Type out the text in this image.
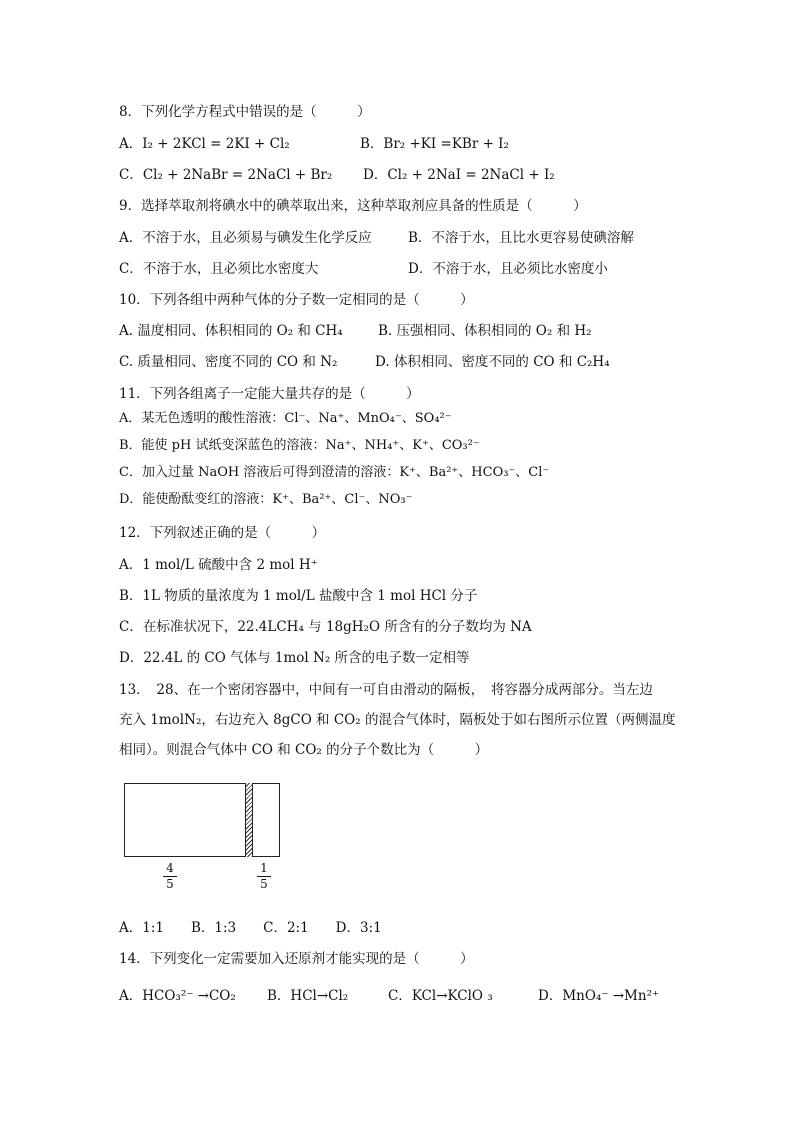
8．下列化学方程式中错误的是（　　　）
A．I₂ + 2KCl = 2KI + Cl₂	B．Br₂ +KI =KBr + I₂
C．Cl₂ + 2NaBr = 2NaCl + Br₂ D．Cl₂ + 2NaI = 2NaCl + I₂
9．选择萃取剂将碘水中的碘萃取出来，这种萃取剂应具备的性质是（　　　）
A．不溶于水，且必须易与碘发生化学反应	B．不溶于水，且比水更容易使碘溶解
C．不溶于水，且必须比水密度大	D．不溶于水，且必须比水密度小
10．下列各组中两种气体的分子数一定相同的是（　　　）
A. 温度相同、体积相同的 O₂ 和 CH₄	B. 压强相同、体积相同的 O₂ 和 H₂
C. 质量相同、密度不同的 CO 和 N₂	D. 体积相同、密度不同的 CO 和 C₂H₄
11．下列各组离子一定能大量共存的是（　　　）
A．某无色透明的酸性溶液：Cl⁻、Na⁺、MnO₄⁻、SO₄²⁻
B．能使 pH 试纸变深蓝色的溶液：Na⁺、NH₄⁺、K⁺、CO₃²⁻
C．加入过量 NaOH 溶液后可得到澄清的溶液：K⁺、Ba²⁺、HCO₃⁻、Cl⁻
D．能使酚酞变红的溶液：K⁺、Ba²⁺、Cl⁻、NO₃⁻
12．下列叙述正确的是（　　　）
A．1 mol/L 硫酸中含 2 mol H⁺
B．1L 物质的量浓度为 1 mol/L 盐酸中含 1 mol HCl 分子
C．在标准状况下，22.4LCH₄ 与 18gH₂O 所含有的分子数均为 NA
D．22.4L 的 CO 气体与 1mol N₂ 所含的电子数一定相等
13．　28、在一个密闭容器中，中间有一可自由滑动的隔板，　将容器分成两部分。当左边
充入 1molN₂，右边充入 8gCO 和 CO₂ 的混合气体时，隔板处于如右图所示位置（两侧温度
相同）。则混合气体中 CO 和 CO₂ 的分子个数比为（　　　）
4
5
1
5
A．1:1　　B．1:3　　C．2:1　　D．3:1
14．下列变化一定需要加入还原剂才能实现的是（　　　）
A．HCO₃²⁻ →CO₂ B．HCl→Cl₂	C．KCl→KClO ₃	D．MnO₄⁻ →Mn²⁺
